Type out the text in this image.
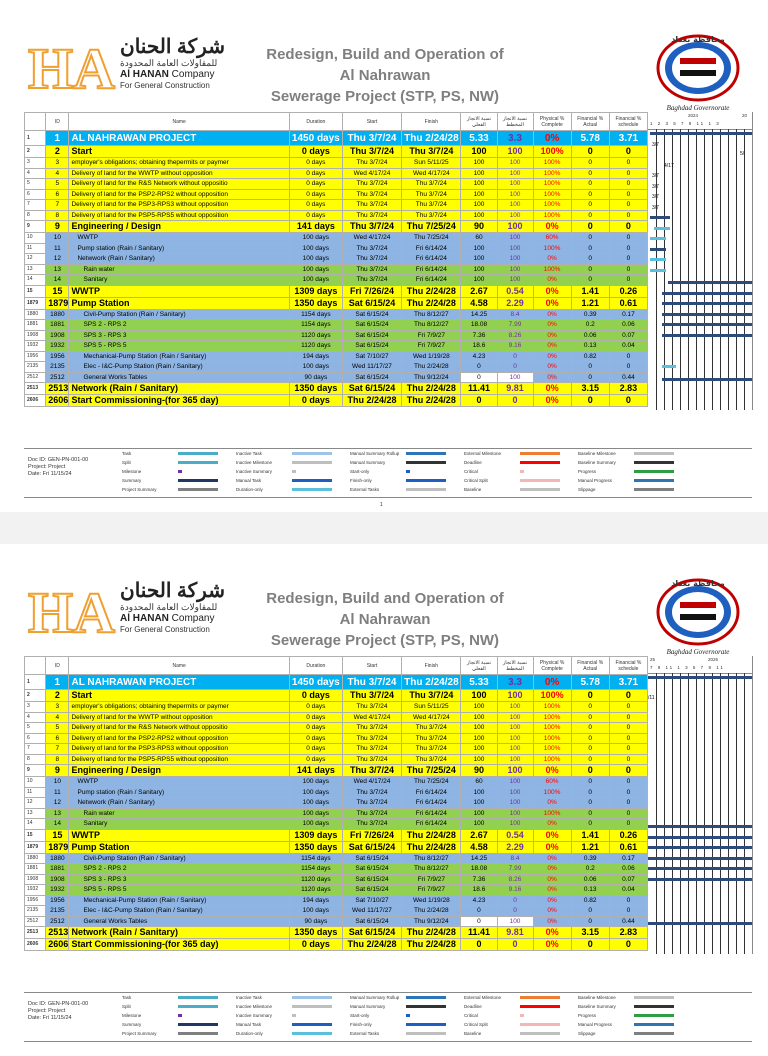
HA شركة الحنان
للمقاولات العامة المحدودة
Al HANAN Company
For General Construction
Redesign, Build and Operation of
Al Nahrawan
Sewerage Project (STP, PS, NW)
محافظة بغداد
Baghdad Governorate
	ID	Name	Duration	Start	Finish	نسبة الانجاز الفعلي	نسبة الانجاز المخطط	Physical % Complete	Financial % Actual	Financial % schedule
1	1	AL NAHRAWAN PROJECT	1450 days	Thu 3/7/24	Thu 2/24/28	5.33	3.3	0%	5.78	3.71
2	2	Start	0 days	Thu 3/7/24	Thu 3/7/24	100	100	100%	0	0
3	3	employer's obligations; obtaining thepermits or paymer	0 days	Thu 3/7/24	Sun 5/11/25	100	100	100%	0	0
4	4	Delivery of land for the WWTP without opposition	0 days	Wed 4/17/24	Wed 4/17/24	100	100	100%	0	0
5	5	Delivery of land for the R&S Network without oppositio	0 days	Thu 3/7/24	Thu 3/7/24	100	100	100%	0	0
6	6	Delivery of land for the PSP2-RPS2 without opposition	0 days	Thu 3/7/24	Thu 3/7/24	100	100	100%	0	0
7	7	Delivery of land for the PSP3-RPS3 without opposition	0 days	Thu 3/7/24	Thu 3/7/24	100	100	100%	0	0
8	8	Delivery of land for the PSP5-RPS5 without opposition	0 days	Thu 3/7/24	Thu 3/7/24	100	100	100%	0	0
9	9	Engineering / Design	141 days	Thu 3/7/24	Thu 7/25/24	90	100	0%	0	0
10	10	WWTP	100 days	Wed 4/17/24	Thu 7/25/24	60	100	60%	0	0
11	11	Pump station (Rain / Sanitary)	100 days	Thu 3/7/24	Fri 6/14/24	100	100	100%	0	0
12	12	Netwwork (Rain / Sanitary)	100 days	Thu 3/7/24	Fri 6/14/24	100	100	0%	0	0
13	13	Rain water	100 days	Thu 3/7/24	Fri 6/14/24	100	100	100%	0	0
14	14	Sanitary	100 days	Thu 3/7/24	Fri 6/14/24	100	100	0%	0	0
15	15	WWTP	1309 days	Fri 7/26/24	Thu 2/24/28	2.67	0.54	0%	1.41	0.26
1879	1879	Pump Station	1350 days	Sat 6/15/24	Thu 2/24/28	4.58	2.29	0%	1.21	0.61
1880	1880	Civil-Pump Station (Rain / Sanitary)	1154 days	Sat 6/15/24	Thu 8/12/27	14.25	8.4	0%	0.39	0.17
1881	1881	SPS 2 - RPS 2	1154 days	Sat 6/15/24	Thu 8/12/27	18.08	7.99	0%	0.2	0.06
1908	1908	SPS 3 - RPS 3	1120 days	Sat 6/15/24	Fri 7/9/27	7.36	8.26	0%	0.06	0.07
1932	1932	SPS 5 - RPS 5	1120 days	Sat 6/15/24	Fri 7/9/27	18.6	9.16	0%	0.13	0.04
1956	1956	Mechanical-Pump Station (Rain / Sanitary)	194 days	Sat 7/10/27	Wed 1/19/28	4.23	0	0%	0.82	0
2135	2135	Elec - I&C-Pump Station (Rain / Sanitary)	100 days	Wed 11/17/27	Thu 2/24/28	0	0	0%	0	0
2512	2512	General Works Tables	90 days	Sat 6/15/24	Thu 9/12/24	0	100	0%	0	0.44
2513	2513	Network (Rain / Sanitary)	1350 days	Sat 6/15/24	Thu 2/24/28	11.41	9.81	0%	3.15	2.83
2606	2606	Start Commissioning-(for 365 day)	0 days	Thu 2/24/28	Thu 2/24/28	0	0	0%	0	0
2024	20
1 2 3 5 7 9 11 1 3
3/7
4/17
3/7
3/7
3/7
3/7
5/
Doc ID: GEN-PN-001-00
Project: Project
Date: Fri 11/15/24
Task
Split
Milestone
Summary
Project Summary
Inactive Task
Inactive Milestone
Inactive Summary
Manual Task
Duration-only
Manual Summary Rollup
Manual Summary
Start-only
Finish-only
External Tasks
External Milestone
Deadline
Critical
Critical Split
Baseline
Baseline Milestone
Baseline Summary
Progress
Manual Progress
Slippage
1
HA شركة الحنان
للمقاولات العامة المحدودة
Al HANAN Company
For General Construction
Redesign, Build and Operation of
Al Nahrawan
Sewerage Project (STP, PS, NW)
محافظة بغداد
Baghdad Governorate
	ID	Name	Duration	Start	Finish	نسبة الانجاز الفعلي	نسبة الانجاز المخطط	Physical % Complete	Financial % Actual	Financial % schedule
1	1	AL NAHRAWAN PROJECT	1450 days	Thu 3/7/24	Thu 2/24/28	5.33	3.3	0%	5.78	3.71
2	2	Start	0 days	Thu 3/7/24	Thu 3/7/24	100	100	100%	0	0
3	3	employer's obligations; obtaining thepermits or paymer	0 days	Thu 3/7/24	Sun 5/11/25	100	100	100%	0	0
4	4	Delivery of land for the WWTP without opposition	0 days	Wed 4/17/24	Wed 4/17/24	100	100	100%	0	0
5	5	Delivery of land for the R&S Network without oppositio	0 days	Thu 3/7/24	Thu 3/7/24	100	100	100%	0	0
6	6	Delivery of land for the PSP2-RPS2 without opposition	0 days	Thu 3/7/24	Thu 3/7/24	100	100	100%	0	0
7	7	Delivery of land for the PSP3-RPS3 without opposition	0 days	Thu 3/7/24	Thu 3/7/24	100	100	100%	0	0
8	8	Delivery of land for the PSP5-RPS5 without opposition	0 days	Thu 3/7/24	Thu 3/7/24	100	100	100%	0	0
9	9	Engineering / Design	141 days	Thu 3/7/24	Thu 7/25/24	90	100	0%	0	0
10	10	WWTP	100 days	Wed 4/17/24	Thu 7/25/24	60	100	60%	0	0
11	11	Pump station (Rain / Sanitary)	100 days	Thu 3/7/24	Fri 6/14/24	100	100	100%	0	0
12	12	Netwwork (Rain / Sanitary)	100 days	Thu 3/7/24	Fri 6/14/24	100	100	0%	0	0
13	13	Rain water	100 days	Thu 3/7/24	Fri 6/14/24	100	100	100%	0	0
14	14	Sanitary	100 days	Thu 3/7/24	Fri 6/14/24	100	100	0%	0	0
15	15	WWTP	1309 days	Fri 7/26/24	Thu 2/24/28	2.67	0.54	0%	1.41	0.26
1879	1879	Pump Station	1350 days	Sat 6/15/24	Thu 2/24/28	4.58	2.29	0%	1.21	0.61
1880	1880	Civil-Pump Station (Rain / Sanitary)	1154 days	Sat 6/15/24	Thu 8/12/27	14.25	8.4	0%	0.39	0.17
1881	1881	SPS 2 - RPS 2	1154 days	Sat 6/15/24	Thu 8/12/27	18.08	7.99	0%	0.2	0.06
1908	1908	SPS 3 - RPS 3	1120 days	Sat 6/15/24	Fri 7/9/27	7.36	8.26	0%	0.06	0.07
1932	1932	SPS 5 - RPS 5	1120 days	Sat 6/15/24	Fri 7/9/27	18.6	9.16	0%	0.13	0.04
1956	1956	Mechanical-Pump Station (Rain / Sanitary)	194 days	Sat 7/10/27	Wed 1/19/28	4.23	0	0%	0.82	0
2135	2135	Elec - I&C-Pump Station (Rain / Sanitary)	100 days	Wed 11/17/27	Thu 2/24/28	0	0	0%	0	0
2512	2512	General Works Tables	90 days	Sat 6/15/24	Thu 9/12/24	0	100	0%	0	0.44
2513	2513	Network (Rain / Sanitary)	1350 days	Sat 6/15/24	Thu 2/24/28	11.41	9.81	0%	3.15	2.83
2606	2606	Start Commissioning-(for 365 day)	0 days	Thu 2/24/28	Thu 2/24/28	0	0	0%	0	0
25	2026
7 9 11 1 3 5 7 9 11
/11
Doc ID: GEN-PN-001-00
Project: Project
Date: Fri 11/15/24
Task
Split
Milestone
Summary
Project Summary
Inactive Task
Inactive Milestone
Inactive Summary
Manual Task
Duration-only
Manual Summary Rollup
Manual Summary
Start-only
Finish-only
External Tasks
External Milestone
Deadline
Critical
Critical Split
Baseline
Baseline Milestone
Baseline Summary
Progress
Manual Progress
Slippage
